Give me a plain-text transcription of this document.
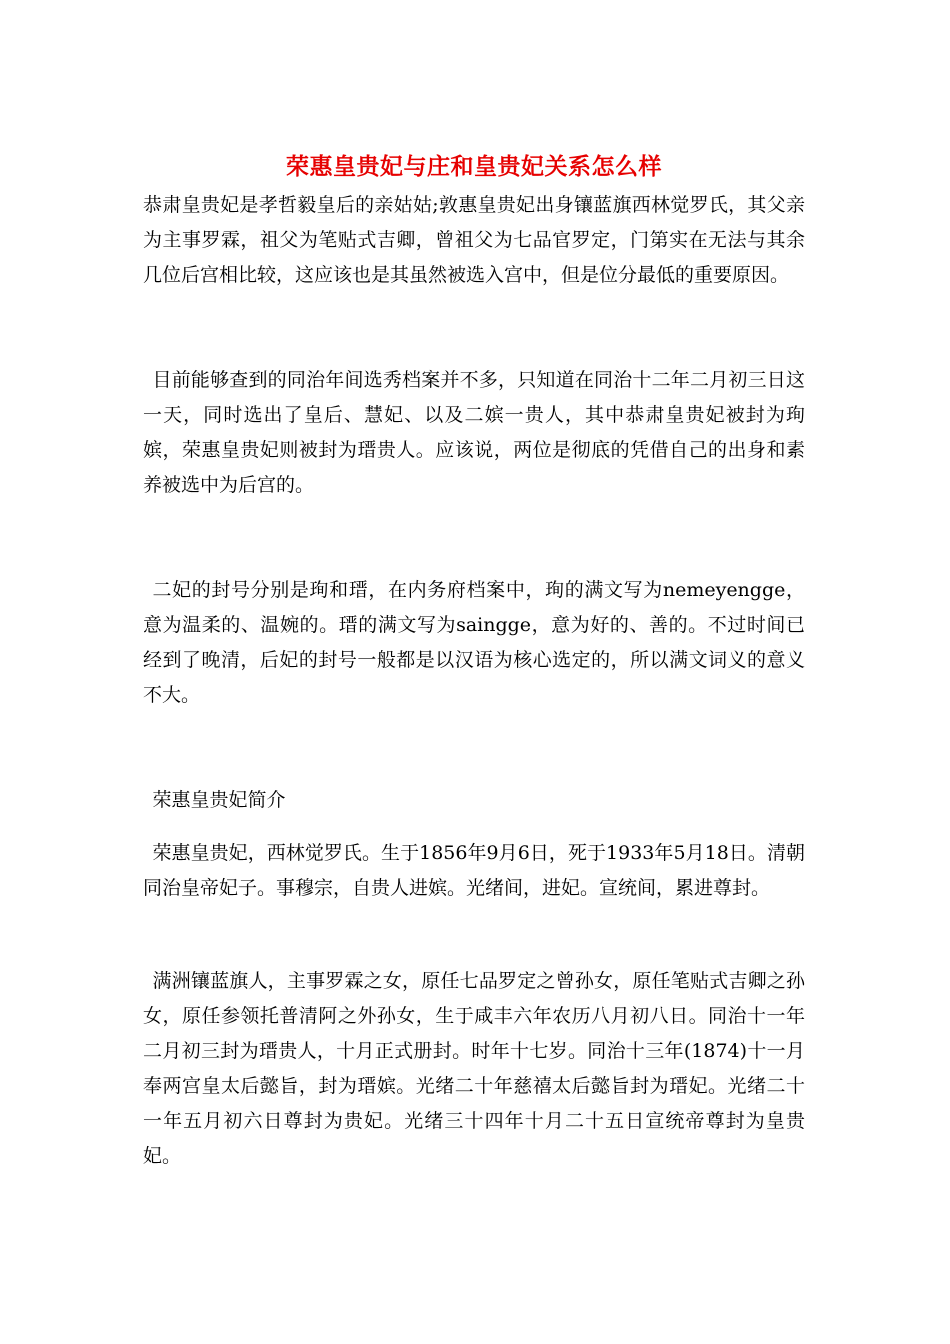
荣惠皇贵妃与庄和皇贵妃关系怎么样

恭肃皇贵妃是孝哲毅皇后的亲姑姑;敦惠皇贵妃出身镶蓝旗西林觉罗氏，其父亲为主事罗霖，祖父为笔贴式吉卿，曾祖父为七品官罗定，门第实在无法与其余几位后宫相比较，这应该也是其虽然被选入宫中，但是位分最低的重要原因。

目前能够查到的同治年间选秀档案并不多，只知道在同治十二年二月初三日这一天，同时选出了皇后、慧妃、以及二嫔一贵人，其中恭肃皇贵妃被封为珣嫔，荣惠皇贵妃则被封为瑨贵人。应该说，两位是彻底的凭借自己的出身和素养被选中为后宫的。

二妃的封号分别是珣和瑨，在内务府档案中，珣的满文写为nemeyengge，意为温柔的、温婉的。瑨的满文写为saingge，意为好的、善的。不过时间已经到了晚清，后妃的封号一般都是以汉语为核心选定的，所以满文词义的意义不大。

荣惠皇贵妃简介

荣惠皇贵妃，西林觉罗氏。生于1856年9月6日，死于1933年5月18日。清朝同治皇帝妃子。事穆宗，自贵人进嫔。光绪间，进妃。宣统间，累进尊封。

满洲镶蓝旗人，主事罗霖之女，原任七品罗定之曾孙女，原任笔贴式吉卿之孙女，原任参领托普清阿之外孙女，生于咸丰六年农历八月初八日。同治十一年二月初三封为瑨贵人，十月正式册封。时年十七岁。同治十三年(1874)十一月奉两宫皇太后懿旨，封为瑨嫔。光绪二十年慈禧太后懿旨封为瑨妃。光绪二十一年五月初六日尊封为贵妃。光绪三十四年十月二十五日宣统帝尊封为皇贵妃。
